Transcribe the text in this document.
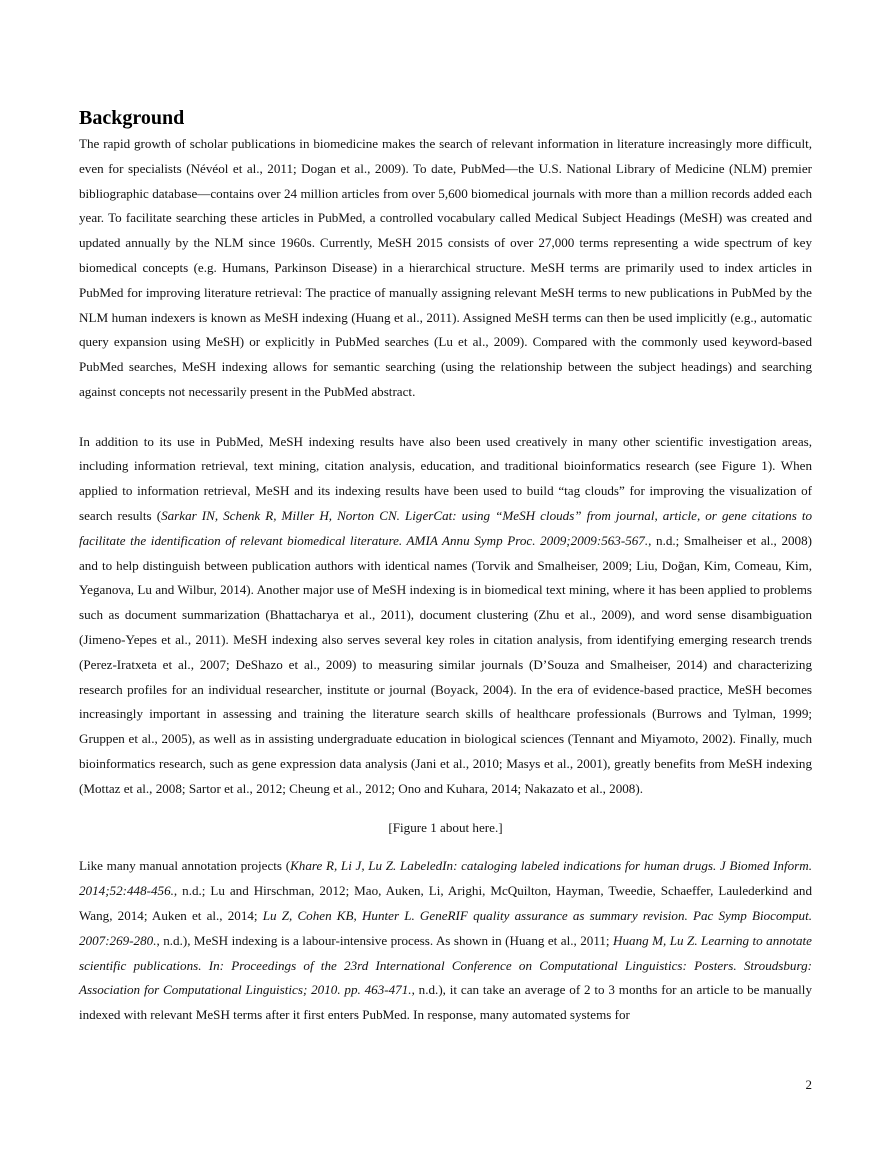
Background

The rapid growth of scholar publications in biomedicine makes the search of relevant information in literature increasingly more difficult, even for specialists (Névéol et al., 2011; Dogan et al., 2009). To date, PubMed—the U.S. National Library of Medicine (NLM) premier bibliographic database—contains over 24 million articles from over 5,600 biomedical journals with more than a million records added each year. To facilitate searching these articles in PubMed, a controlled vocabulary called Medical Subject Headings (MeSH) was created and updated annually by the NLM since 1960s. Currently, MeSH 2015 consists of over 27,000 terms representing a wide spectrum of key biomedical concepts (e.g. Humans, Parkinson Disease) in a hierarchical structure. MeSH terms are primarily used to index articles in PubMed for improving literature retrieval: The practice of manually assigning relevant MeSH terms to new publications in PubMed by the NLM human indexers is known as MeSH indexing (Huang et al., 2011). Assigned MeSH terms can then be used implicitly (e.g., automatic query expansion using MeSH) or explicitly in PubMed searches (Lu et al., 2009). Compared with the commonly used keyword-based PubMed searches, MeSH indexing allows for semantic searching (using the relationship between the subject headings) and searching against concepts not necessarily present in the PubMed abstract.

In addition to its use in PubMed, MeSH indexing results have also been used creatively in many other scientific investigation areas, including information retrieval, text mining, citation analysis, education, and traditional bioinformatics research (see Figure 1). When applied to information retrieval, MeSH and its indexing results have been used to build “tag clouds” for improving the visualization of search results (Sarkar IN, Schenk R, Miller H, Norton CN. LigerCat: using “MeSH clouds” from journal, article, or gene citations to facilitate the identification of relevant biomedical literature. AMIA Annu Symp Proc. 2009;2009:563-567., n.d.; Smalheiser et al., 2008) and to help distinguish between publication authors with identical names (Torvik and Smalheiser, 2009; Liu, Doğan, Kim, Comeau, Kim, Yeganova, Lu and Wilbur, 2014). Another major use of MeSH indexing is in biomedical text mining, where it has been applied to problems such as document summarization (Bhattacharya et al., 2011), document clustering (Zhu et al., 2009), and word sense disambiguation (Jimeno-Yepes et al., 2011). MeSH indexing also serves several key roles in citation analysis, from identifying emerging research trends (Perez-Iratxeta et al., 2007; DeShazo et al., 2009) to measuring similar journals (D’Souza and Smalheiser, 2014) and characterizing research profiles for an individual researcher, institute or journal (Boyack, 2004). In the era of evidence-based practice, MeSH becomes increasingly important in assessing and training the literature search skills of healthcare professionals (Burrows and Tylman, 1999; Gruppen et al., 2005), as well as in assisting undergraduate education in biological sciences (Tennant and Miyamoto, 2002). Finally, much bioinformatics research, such as gene expression data analysis (Jani et al., 2010; Masys et al., 2001), greatly benefits from MeSH indexing (Mottaz et al., 2008; Sartor et al., 2012; Cheung et al., 2012; Ono and Kuhara, 2014; Nakazato et al., 2008).

[Figure 1 about here.]

Like many manual annotation projects (Khare R, Li J, Lu Z. LabeledIn: cataloging labeled indications for human drugs. J Biomed Inform. 2014;52:448-456., n.d.; Lu and Hirschman, 2012; Mao, Auken, Li, Arighi, McQuilton, Hayman, Tweedie, Schaeffer, Laulederkind and Wang, 2014; Auken et al., 2014; Lu Z, Cohen KB, Hunter L. GeneRIF quality assurance as summary revision. Pac Symp Biocomput. 2007:269-280., n.d.), MeSH indexing is a labour-intensive process. As shown in (Huang et al., 2011; Huang M, Lu Z. Learning to annotate scientific publications. In: Proceedings of the 23rd International Conference on Computational Linguistics: Posters. Stroudsburg: Association for Computational Linguistics; 2010. pp. 463-471., n.d.), it can take an average of 2 to 3 months for an article to be manually indexed with relevant MeSH terms after it first enters PubMed. In response, many automated systems for

2
